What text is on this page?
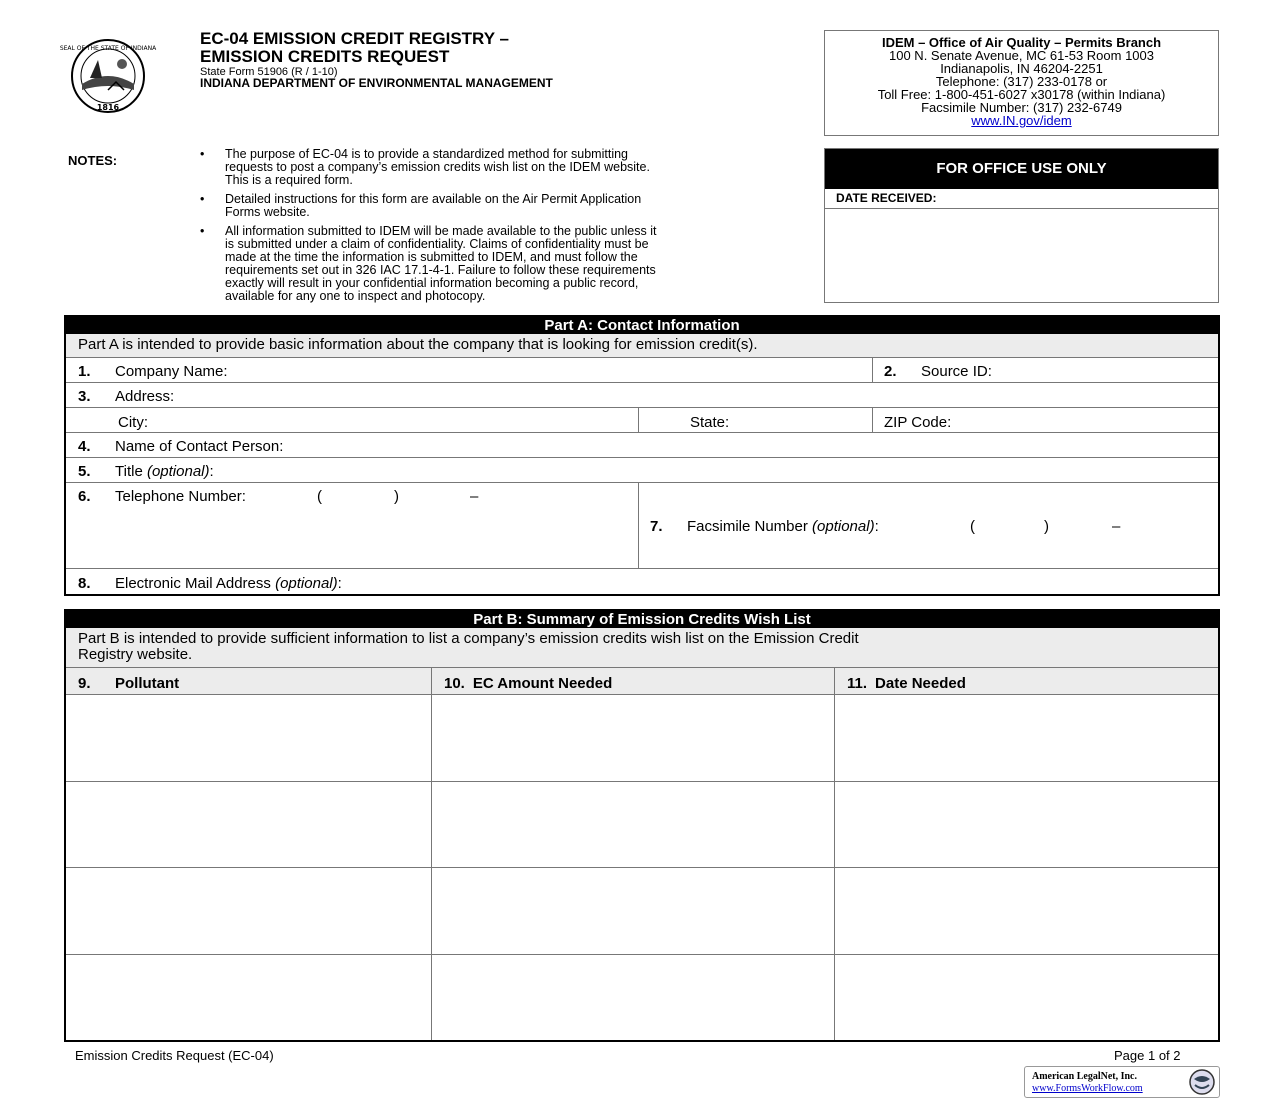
SEAL OF THE STATE OF INDIANA
1816
EC-04 EMISSION CREDIT REGISTRY –
EMISSION CREDITS REQUEST
State Form 51906 (R / 1-10)
INDIANA DEPARTMENT OF ENVIRONMENTAL MANAGEMENT
IDEM – Office of Air Quality – Permits Branch
100 N. Senate Avenue, MC 61-53 Room 1003
Indianapolis, IN 46204-2251
Telephone: (317) 233-0178 or
Toll Free: 1-800-451-6027 x30178 (within Indiana)
Facsimile Number: (317) 232-6749
www.IN.gov/idem
FOR OFFICE USE ONLY
DATE RECEIVED:
NOTES:	• The purpose of EC-04 is to provide a standardized method for submitting
requests to post a company’s emission credits wish list on the IDEM website.
This is a required form.
• Detailed instructions for this form are available on the Air Permit Application
Forms website.
• All information submitted to IDEM will be made available to the public unless it
is submitted under a claim of confidentiality. Claims of confidentiality must be
made at the time the information is submitted to IDEM, and must follow the
requirements set out in 326 IAC 17.1-4-1. Failure to follow these requirements
exactly will result in your confidential information becoming a public record,
available for any one to inspect and photocopy.
Part A: Contact Information
Part A is intended to provide basic information about the company that is looking for emission credit(s).
1. Company Name:	2. Source ID:
3. Address:
City:	State:	ZIP Code:
4. Name of Contact Person:
5. Title (optional):
6. Telephone Number:	(	)	–
7. Facsimile Number (optional):	(	)	–
8. Electronic Mail Address (optional):
Part B: Summary of Emission Credits Wish List
Part B is intended to provide sufficient information to list a company’s emission credits wish list on the Emission Credit
Registry website.
9. Pollutant	10. EC Amount Needed	11. Date Needed
Emission Credits Request (EC-04)	Page 1 of 2
American LegalNet, Inc.
www.FormsWorkFlow.com
